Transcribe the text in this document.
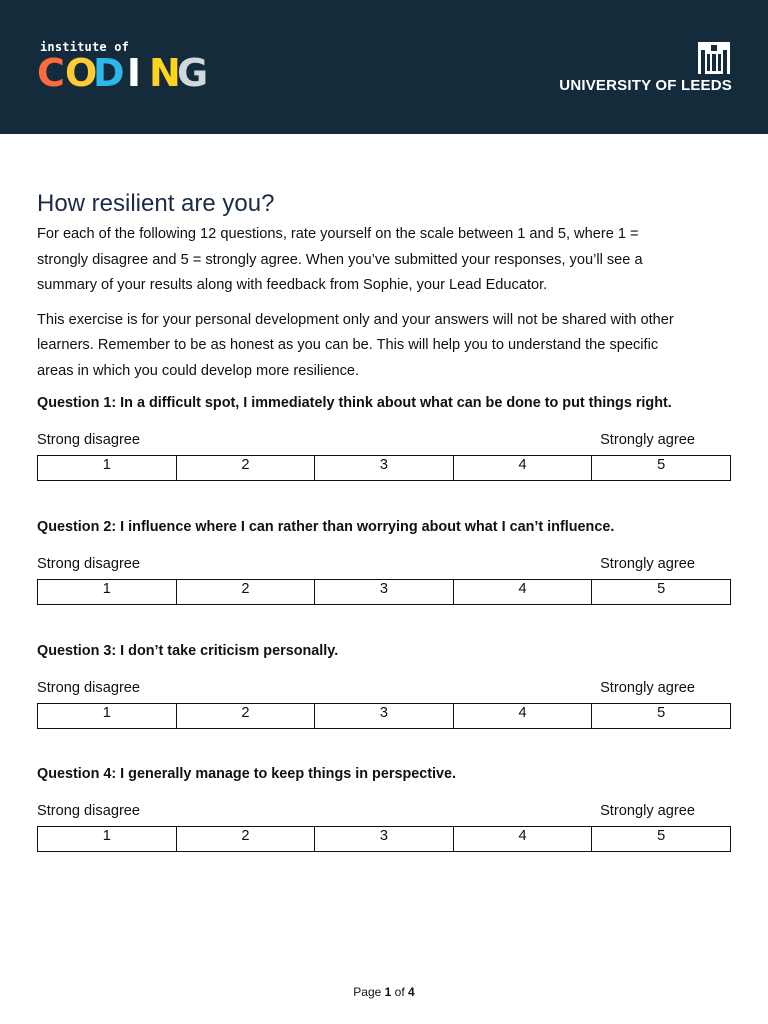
institute of
C O
D I N
G	UNIVERSITY OF LEEDS
How resilient are you?
For each of the following 12 questions, rate yourself on the scale between 1 and 5, where 1 =
strongly disagree and 5 = strongly agree. When you’ve submitted your responses, you’ll see a
summary of your results along with feedback from Sophie, your Lead Educator.
This exercise is for your personal development only and your answers will not be shared with other
learners. Remember to be as honest as you can be. This will help you to understand the specific
areas in which you could develop more resilience.

Question 1: In a difficult spot, I immediately think about what can be done to put things right.

Strong disagree	Strongly agree
1	2	3	4	5

Question 2: I influence where I can rather than worrying about what I can’t influence.

Strong disagree	Strongly agree
1	2	3	4	5

Question 3: I don’t take criticism personally.

Strong disagree	Strongly agree
1	2	3	4	5

Question 4: I generally manage to keep things in perspective.

Strong disagree	Strongly agree
1	2	3	4	5
Page 1 of 4
